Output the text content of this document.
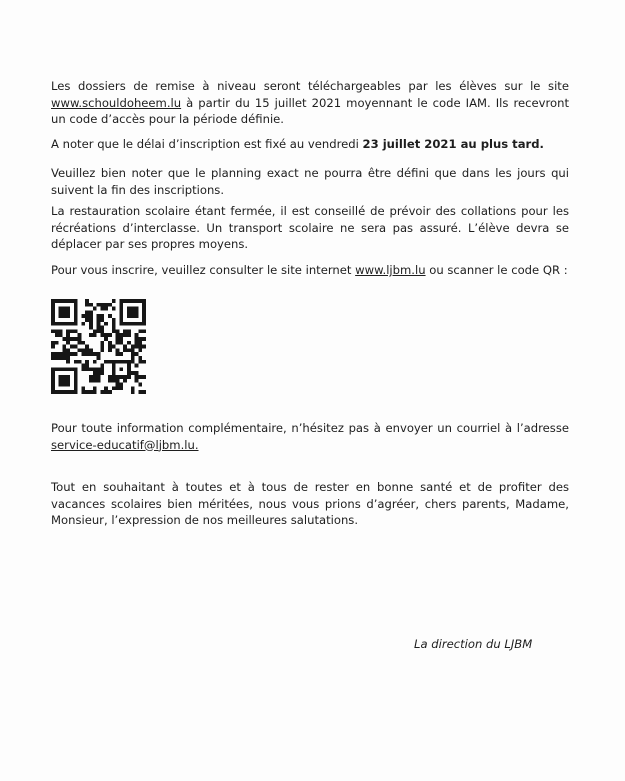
Les dossiers de remise à niveau seront téléchargeables par les élèves sur le site www.schouldoheem.lu à partir du 15 juillet 2021 moyennant le code IAM. Ils recevront un code d’accès pour la période définie.

A noter que le délai d’inscription est fixé au vendredi 23 juillet 2021 au plus tard.

Veuillez bien noter que le planning exact ne pourra être défini que dans les jours qui suivent la fin des inscriptions.

La restauration scolaire étant fermée, il est conseillé de prévoir des collations pour les récréations d’interclasse. Un transport scolaire ne sera pas assuré. L’élève devra se déplacer par ses propres moyens.

Pour vous inscrire, veuillez consulter le site internet www.ljbm.lu ou scanner le code QR :

Pour toute information complémentaire, n’hésitez pas à envoyer un courriel à l’adresse service-educatif@ljbm.lu.

Tout en souhaitant à toutes et à tous de rester en bonne santé et de profiter des vacances scolaires bien méritées, nous vous prions d’agréer, chers parents, Madame, Monsieur, l’expression de nos meilleures salutations.

La direction du LJBM
